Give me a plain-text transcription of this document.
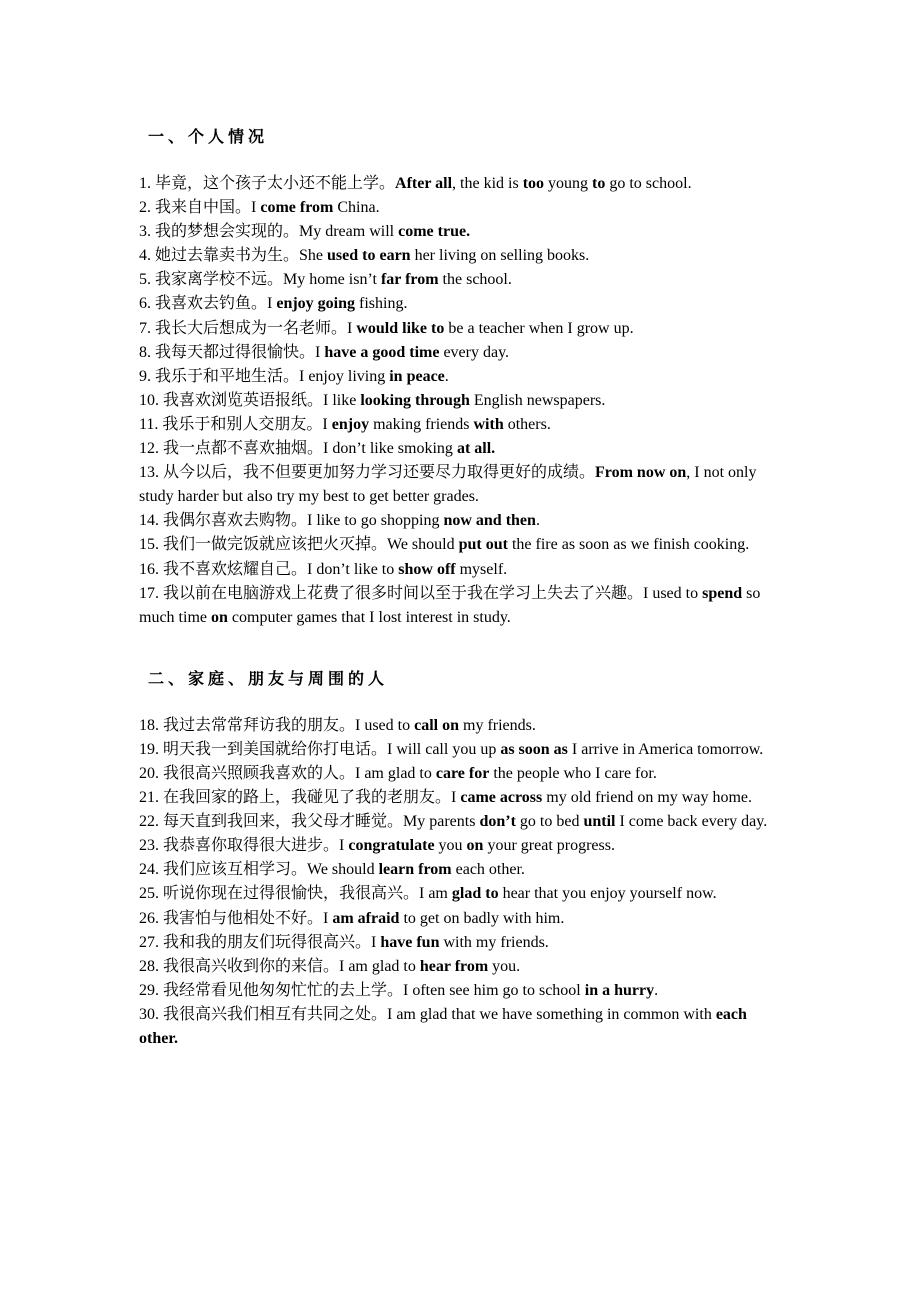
一、个人情况

1. 毕竟，这个孩子太小还不能上学。After all, the kid is too young to go to school.

2. 我来自中国。I come from China.

3. 我的梦想会实现的。My dream will come true.

4. 她过去靠卖书为生。She used to earn her living on selling books.

5. 我家离学校不远。My home isn’t far from the school.

6. 我喜欢去钓鱼。I enjoy going fishing.

7. 我长大后想成为一名老师。I would like to be a teacher when I grow up.

8. 我每天都过得很愉快。I have a good time every day.

9. 我乐于和平地生活。I enjoy living in peace.

10. 我喜欢浏览英语报纸。I like looking through English newspapers.

11. 我乐于和别人交朋友。I enjoy making friends with others.

12. 我一点都不喜欢抽烟。I don’t like smoking at all.

13. 从今以后，我不但要更加努力学习还要尽力取得更好的成绩。From now on, I not only study harder but also try my best to get better grades.

14. 我偶尔喜欢去购物。I like to go shopping now and then.

15. 我们一做完饭就应该把火灭掉。We should put out the fire as soon as we finish cooking.

16. 我不喜欢炫耀自己。I don’t like to show off myself.

17. 我以前在电脑游戏上花费了很多时间以至于我在学习上失去了兴趣。I used to spend so much time on computer games that I lost interest in study.

二、家庭、朋友与周围的人

18. 我过去常常拜访我的朋友。I used to call on my friends.

19. 明天我一到美国就给你打电话。I will call you up as soon as I arrive in America tomorrow.

20. 我很高兴照顾我喜欢的人。I am glad to care for the people who I care for.

21. 在我回家的路上，我碰见了我的老朋友。I came across my old friend on my way home.

22. 每天直到我回来，我父母才睡觉。My parents don’t go to bed until I come back every day.

23. 我恭喜你取得很大进步。I congratulate you on your great progress.

24. 我们应该互相学习。We should learn from each other.

25. 听说你现在过得很愉快，我很高兴。I am glad to hear that you enjoy yourself now.

26. 我害怕与他相处不好。I am afraid to get on badly with him.

27. 我和我的朋友们玩得很高兴。I have fun with my friends.

28. 我很高兴收到你的来信。I am glad to hear from you.

29. 我经常看见他匆匆忙忙的去上学。I often see him go to school in a hurry.

30. 我很高兴我们相互有共同之处。I am glad that we have something in common with each other.
